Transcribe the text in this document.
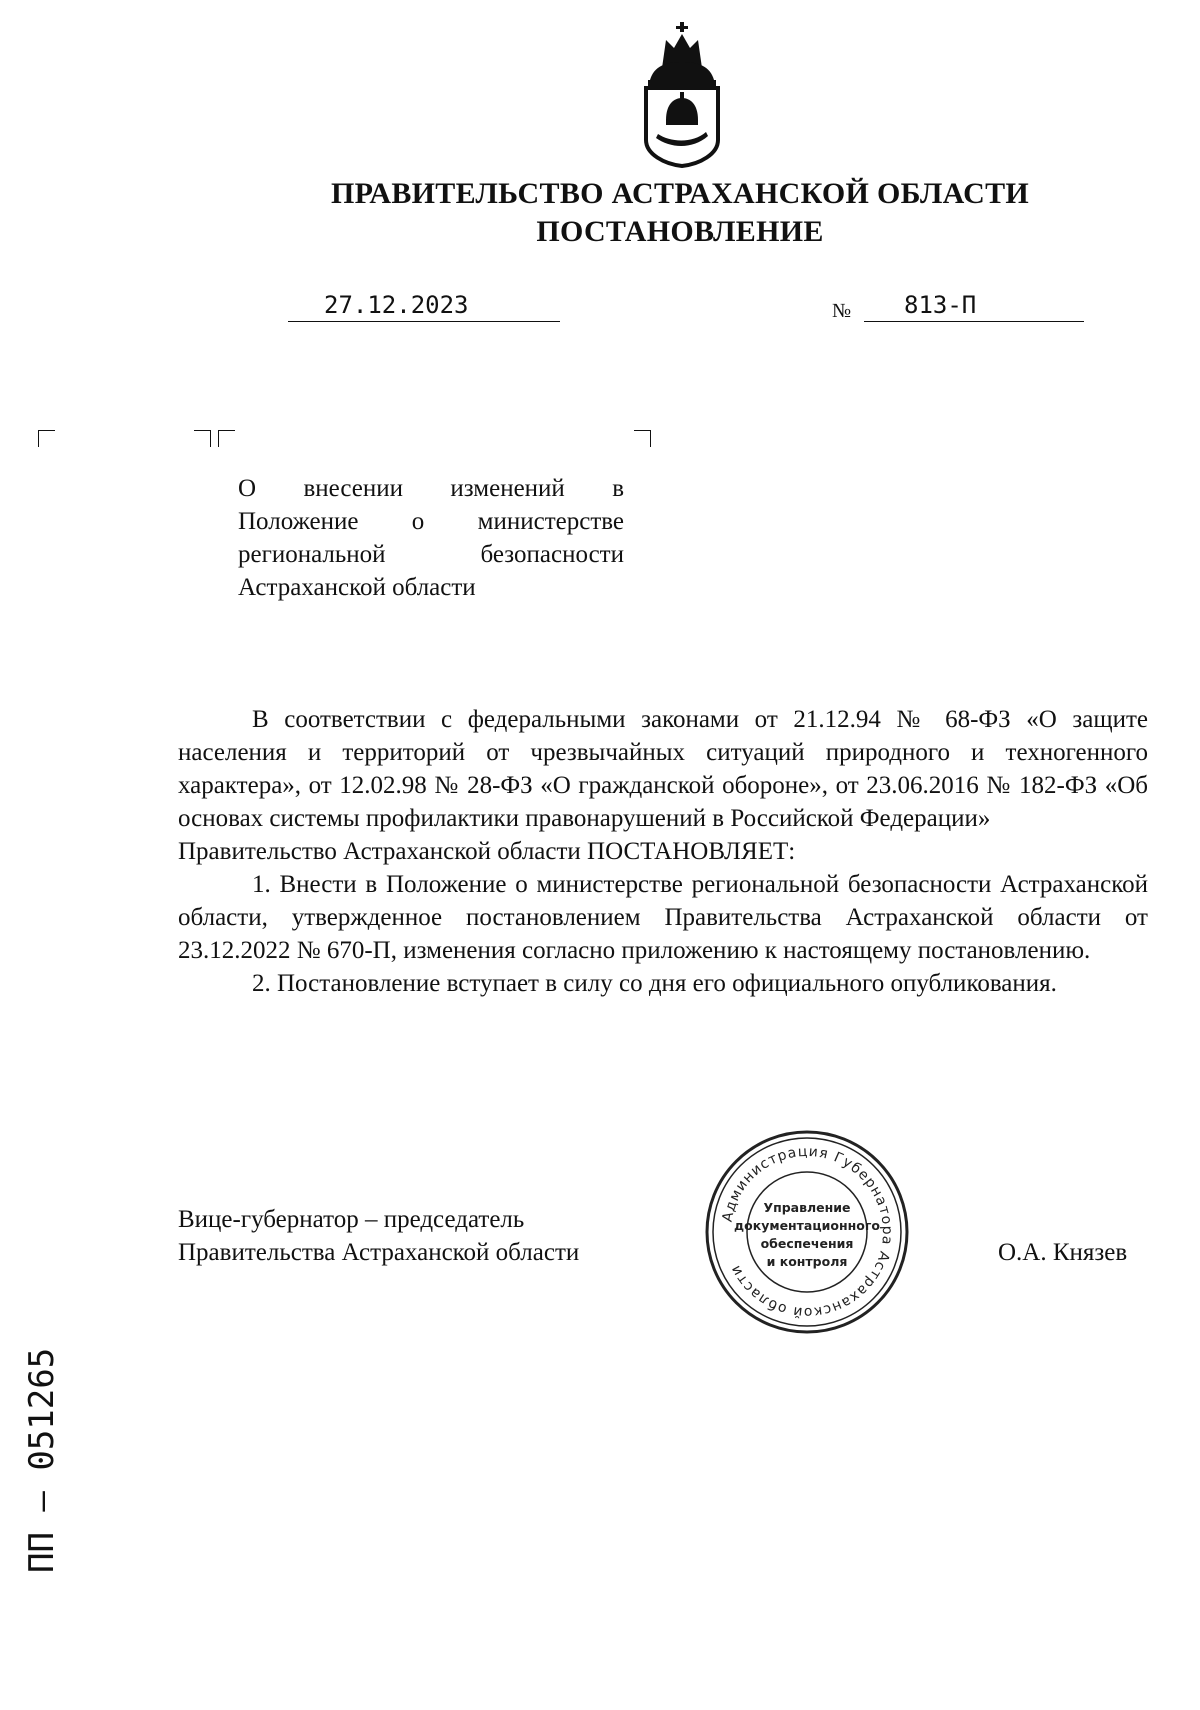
ПРАВИТЕЛЬСТВО АСТРАХАНСКОЙ ОБЛАСТИ
ПОСТАНОВЛЕНИЕ
27.12.2023	№	813-П
О внесении изменений в Положение о министерстве региональной безопасности Астраханской области

В соответствии с федеральными законами от 21.12.94 № 68-ФЗ «О защите населения и территорий от чрезвычайных ситуаций природного и техногенного характера», от 12.02.98 № 28-ФЗ «О гражданской обороне», от 23.06.2016 № 182-ФЗ «Об основах системы профилактики правонарушений в Российской Федерации»

Правительство Астраханской области ПОСТАНОВЛЯЕТ:

1. Внести в Положение о министерстве региональной безопасности Астраханской области, утвержденное постановлением Правительства Астраханской области от 23.12.2022 № 670-П, изменения согласно приложению к настоящему постановлению.

2. Постановление вступает в силу со дня его официального опубликования.

Вице-губернатор – председатель
Правительства Астраханской области
Администрация Губернатора Астраханской области
Управление
документационного
обеспечения
и контроля	О.А. Князев
ПП – 051265
